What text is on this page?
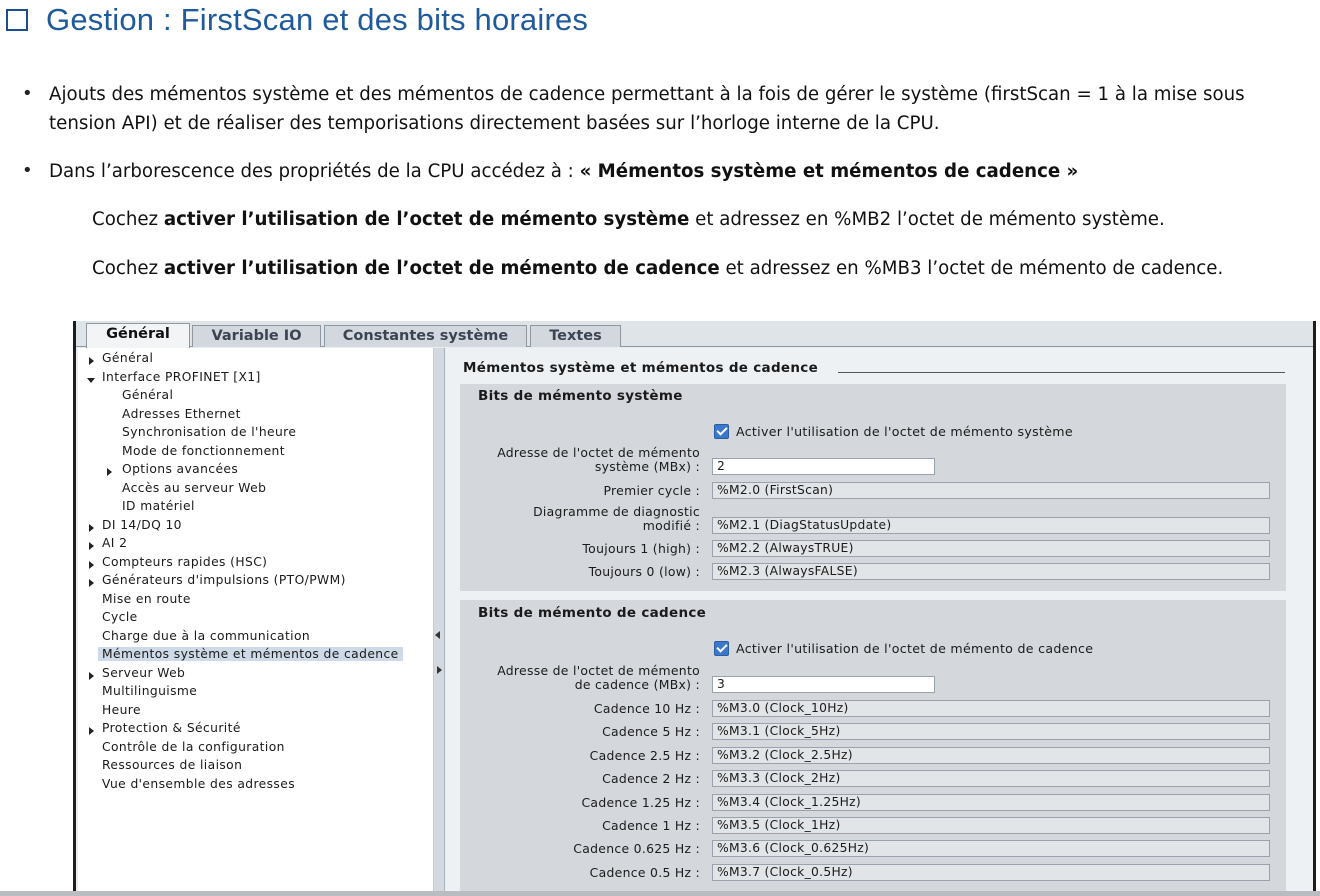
Gestion : FirstScan et des bits horaires
• Ajouts des mémentos système et des mémentos de cadence permettant à la fois de gérer le système (firstScan = 1 à la mise sous
tension API) et de réaliser des temporisations directement basées sur l’horloge interne de la CPU.
• Dans l’arborescence des propriétés de la CPU accédez à : « Mémentos système et mémentos de cadence »
Cochez activer l’utilisation de l’octet de mémento système et adressez en %MB2 l’octet de mémento système.
Cochez activer l’utilisation de l’octet de mémento de cadence et adressez en %MB3 l’octet de mémento de cadence.
Général	Variable IO	Constantes système	Textes
Général
Interface PROFINET [X1]
Général
Adresses Ethernet
Synchronisation de l'heure
Mode de fonctionnement
Options avancées
Accès au serveur Web
ID matériel
DI 14/DQ 10
AI 2
Compteurs rapides (HSC)
Générateurs d'impulsions (PTO/PWM)
Mise en route
Cycle
Charge due à la communication
Mémentos système et mémentos de cadence
Serveur Web
Multilinguisme
Heure
Protection & Sécurité
Contrôle de la configuration
Ressources de liaison
Vue d'ensemble des adresses
Mémentos système et mémentos de cadence
Bits de mémento système
Activer l'utilisation de l'octet de mémento système
Adresse de l'octet de mémento
système (MBx) :	2
Premier cycle :	%M2.0 (FirstScan)
Diagramme de diagnostic
modifié :	%M2.1 (DiagStatusUpdate)
Toujours 1 (high) :	%M2.2 (AlwaysTRUE)
Toujours 0 (low) :	%M2.3 (AlwaysFALSE)
Bits de mémento de cadence
Activer l'utilisation de l'octet de mémento de cadence
Adresse de l'octet de mémento
de cadence (MBx) :	3
Cadence 10 Hz :	%M3.0 (Clock_10Hz)
Cadence 5 Hz :	%M3.1 (Clock_5Hz)
Cadence 2.5 Hz :	%M3.2 (Clock_2.5Hz)
Cadence 2 Hz :	%M3.3 (Clock_2Hz)
Cadence 1.25 Hz :	%M3.4 (Clock_1.25Hz)
Cadence 1 Hz :	%M3.5 (Clock_1Hz)
Cadence 0.625 Hz :	%M3.6 (Clock_0.625Hz)
Cadence 0.5 Hz :	%M3.7 (Clock_0.5Hz)
